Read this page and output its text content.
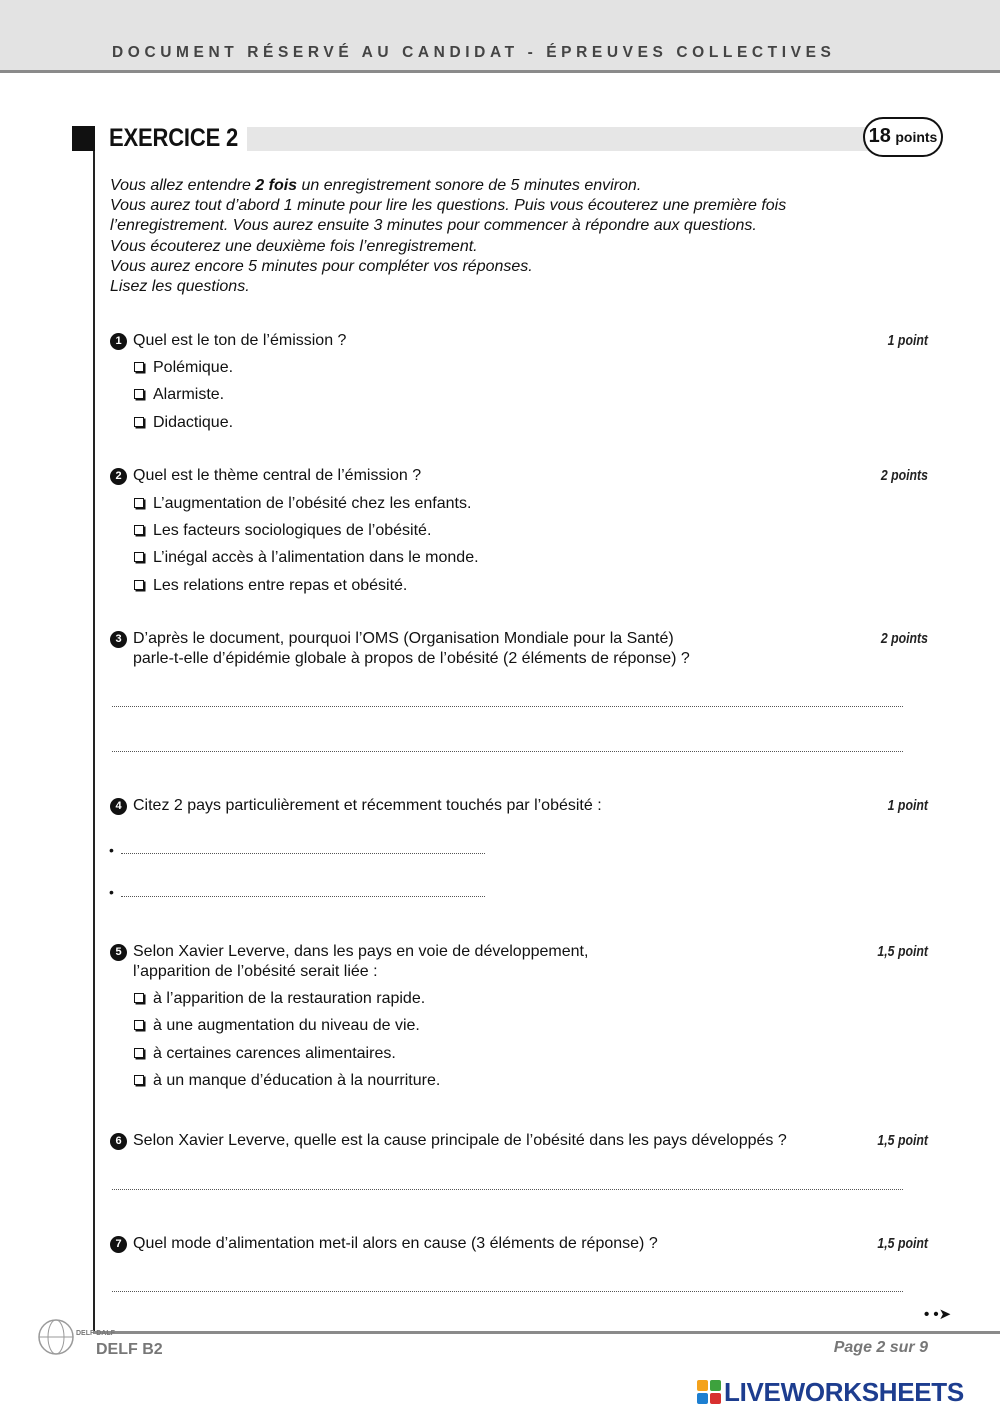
DOCUMENT RÉSERVÉ AU CANDIDAT - ÉPREUVES COLLECTIVES
EXERCICE 2	18 points
Vous allez entendre 2 fois un enregistrement sonore de 5 minutes environ.
Vous aurez tout d’abord 1 minute pour lire les questions. Puis vous écouterez une première fois
l’enregistrement. Vous aurez ensuite 3 minutes pour commencer à répondre aux questions.
Vous écouterez une deuxième fois l’enregistrement.
Vous aurez encore 5 minutes pour compléter vos réponses.
Lisez les questions.
1 Quel est le ton de l’émission ?	1 point
Polémique.
Alarmiste.
Didactique.
2 Quel est le thème central de l’émission ?	2 points
L’augmentation de l’obésité chez les enfants.
Les facteurs sociologiques de l’obésité.
L’inégal accès à l’alimentation dans le monde.
Les relations entre repas et obésité.
3 D’après le document, pourquoi l’OMS (Organisation Mondiale pour la Santé)
parle-t-elle d’épidémie globale à propos de l’obésité (2 éléments de réponse) ?
2 points
4 Citez 2 pays particulièrement et récemment touchés par l’obésité :	1 point
•
•
5 Selon Xavier Leverve, dans les pays en voie de développement,
l’apparition de l’obésité serait liée :
1,5 point
à l’apparition de la restauration rapide.
à une augmentation du niveau de vie.
à certaines carences alimentaires.
à un manque d’éducation à la nourriture.
6 Selon Xavier Leverve, quelle est la cause principale de l’obésité dans les pays développés ?	1,5 point
7 Quel mode d’alimentation met-il alors en cause (3 éléments de réponse) ?	1,5 point
• •➤
DELF DALF
DELF B2	Page 2 sur 9
LIVEWORKSHEETS
